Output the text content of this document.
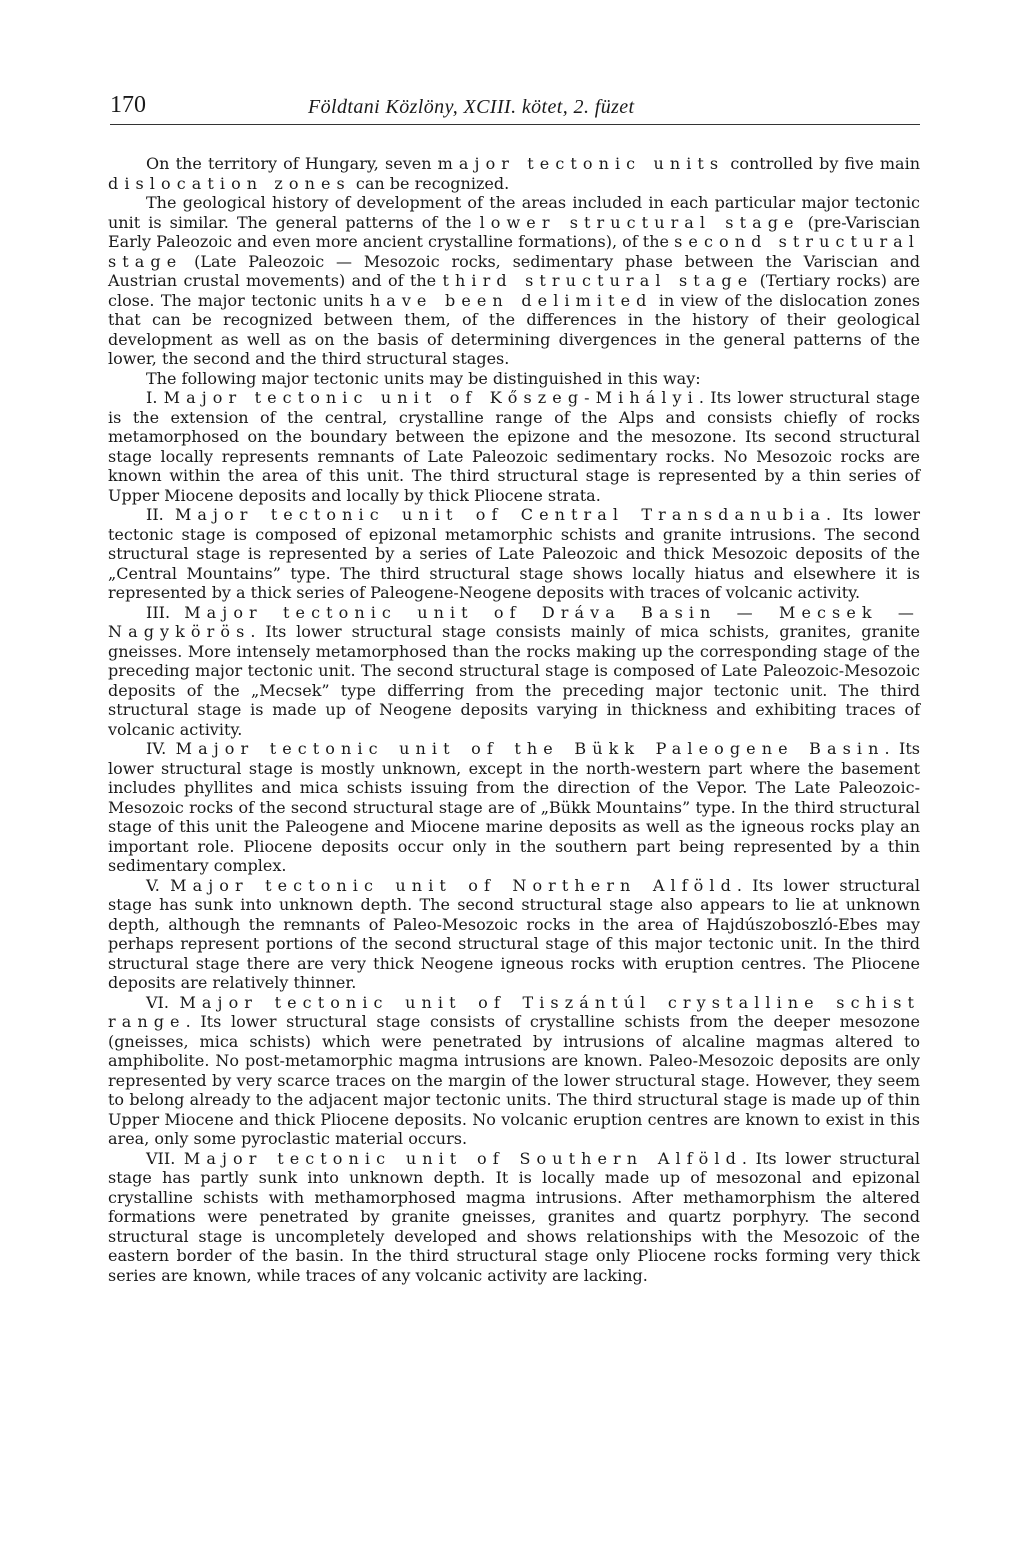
170	Földtani Közlöny, XCIII. kötet, 2. füzet

On the territory of Hungary, seven major tectonic units controlled by five main dislocation zones can be recognized.

The geological history of development of the areas included in each particular major tectonic unit is similar. The general patterns of the lower structural stage (pre-Variscian Early Paleozoic and even more ancient crystalline formations), of the second structural stage (Late Paleozoic — Mesozoic rocks, sedimentary phase between the Variscian and Austrian crustal movements) and of the third structural stage (Tertiary rocks) are close. The major tectonic units have been delimited in view of the dislocation zones that can be recognized between them, of the differences in the history of their geological development as well as on the basis of determining divergences in the general patterns of the lower, the second and the third structural stages.

The following major tectonic units may be distinguished in this way:

I. Major tectonic unit of Kőszeg-Mihályi. Its lower structural stage is the extension of the central, crystalline range of the Alps and consists chiefly of rocks metamorphosed on the boundary between the epizone and the mesozone. Its second structural stage locally represents remnants of Late Paleozoic sedimentary rocks. No Mesozoic rocks are known within the area of this unit. The third structural stage is represented by a thin series of Upper Miocene deposits and locally by thick Pliocene strata.

II. Major tectonic unit of Central Transdanubia. Its lower tectonic stage is composed of epizonal metamorphic schists and granite intrusions. The second structural stage is represented by a series of Late Paleozoic and thick Mesozoic deposits of the „Central Mountains” type. The third structural stage shows locally hiatus and elsewhere it is represented by a thick series of Paleogene-Neogene deposits with traces of volcanic activity.

III. Major tectonic unit of Dráva Basin — Mecsek — Nagykörös. Its lower structural stage consists mainly of mica schists, granites, granite gneisses. More intensely metamorphosed than the rocks making up the corresponding stage of the preceding major tectonic unit. The second structural stage is composed of Late Paleozoic-Mesozoic deposits of the „Mecsek” type differring from the preceding major tectonic unit. The third structural stage is made up of Neogene deposits varying in thickness and exhibiting traces of volcanic activity.

IV. Major tectonic unit of the Bükk Paleogene Basin. Its lower structural stage is mostly unknown, except in the north-western part where the basement includes phyllites and mica schists issuing from the direction of the Vepor. The Late Paleozoic-Mesozoic rocks of the second structural stage are of „Bükk Mountains” type. In the third structural stage of this unit the Paleogene and Miocene marine deposits as well as the igneous rocks play an important role. Pliocene deposits occur only in the southern part being represented by a thin sedimentary complex.

V. Major tectonic unit of Northern Alföld. Its lower structural stage has sunk into unknown depth. The second structural stage also appears to lie at unknown depth, although the remnants of Paleo-Mesozoic rocks in the area of Hajdúszoboszló-Ebes may perhaps represent portions of the second structural stage of this major tectonic unit. In the third structural stage there are very thick Neogene igneous rocks with eruption centres. The Pliocene deposits are relatively thinner.

VI. Major tectonic unit of Tiszántúl crystalline schist range. Its lower structural stage consists of crystalline schists from the deeper mesozone (gneisses, mica schists) which were penetrated by intrusions of alcaline magmas altered to amphibolite. No post-metamorphic magma intrusions are known. Paleo-Mesozoic deposits are only represented by very scarce traces on the margin of the lower structural stage. However, they seem to belong already to the adjacent major tectonic units. The third structural stage is made up of thin Upper Miocene and thick Pliocene deposits. No volcanic eruption centres are known to exist in this area, only some pyroclastic material occurs.

VII. Major tectonic unit of Southern Alföld. Its lower structural stage has partly sunk into unknown depth. It is locally made up of mesozonal and epizonal crystalline schists with methamorphosed magma intrusions. After methamorphism the altered formations were penetrated by granite gneisses, granites and quartz porphyry. The second structural stage is uncompletely developed and shows relationships with the Mesozoic of the eastern border of the basin. In the third structural stage only Pliocene rocks forming very thick series are known, while traces of any volcanic activity are lacking.
